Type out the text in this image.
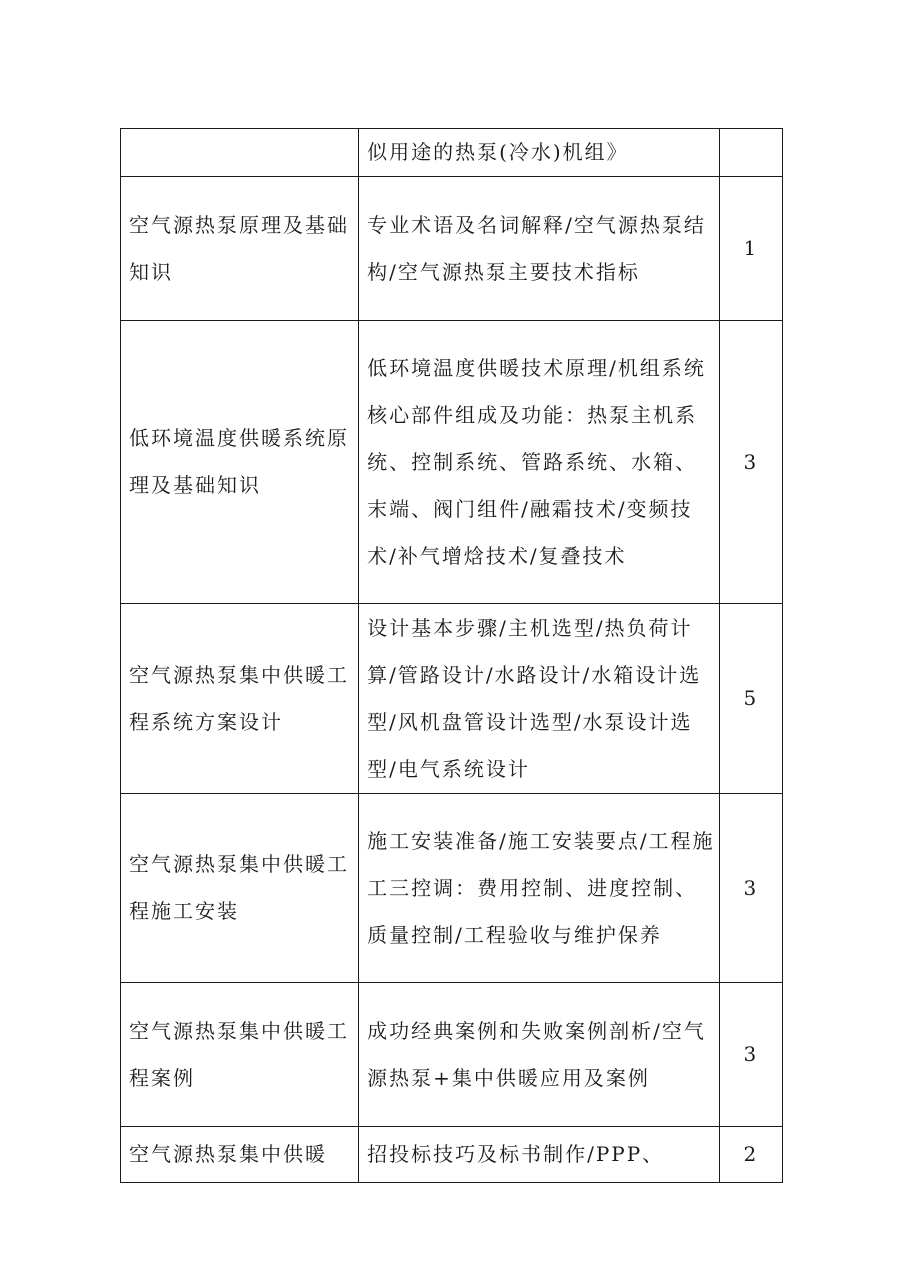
	似用途的热泵(冷水)机组》	
空气源热泵原理及基础知识	专业术语及名词解释/空气源热泵结构/空气源热泵主要技术指标	1
低环境温度供暖系统原理及基础知识	低环境温度供暖技术原理/机组系统核心部件组成及功能：热泵主机系统、控制系统、管路系统、水箱、末端、阀门组件/融霜技术/变频技术/补气增焓技术/复叠技术	3
空气源热泵集中供暖工程系统方案设计	设计基本步骤/主机选型/热负荷计算/管路设计/水路设计/水箱设计选型/风机盘管设计选型/水泵设计选型/电气系统设计	5
空气源热泵集中供暖工程施工安装	施工安装准备/施工安装要点/工程施工三控调：费用控制、进度控制、质量控制/工程验收与维护保养	3
空气源热泵集中供暖工程案例	成功经典案例和失败案例剖析/空气源热泵+集中供暖应用及案例	3
空气源热泵集中供暖	招投标技巧及标书制作/PPP、	2
